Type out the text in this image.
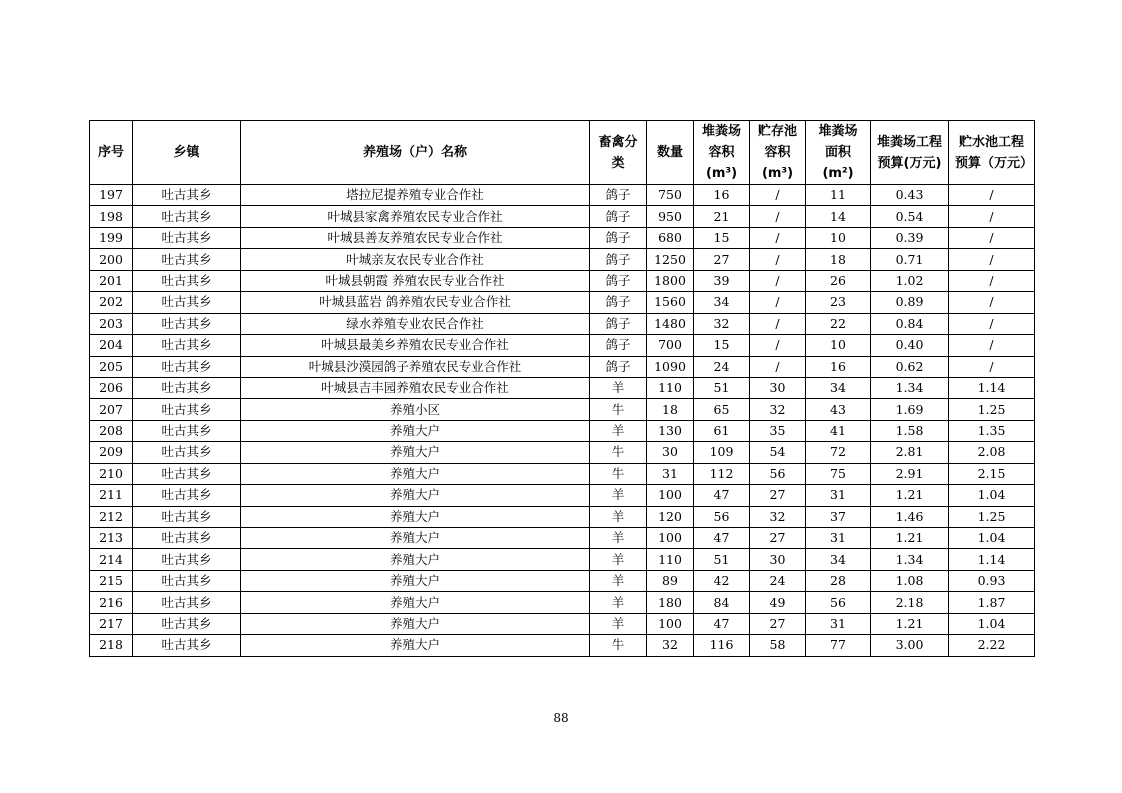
序号	乡镇	养殖场（户）名称	畜禽分类	数量	堆粪场容积(m³)	贮存池容积(m³)	堆粪场面积(m²)	堆粪场工程预算(万元)	贮水池工程预算（万元）
197	吐古其乡	塔拉尼提养殖专业合作社	鸽子	750	16	/	11	0.43	/
198	吐古其乡	叶城县家禽养殖农民专业合作社	鸽子	950	21	/	14	0.54	/
199	吐古其乡	叶城县善友养殖农民专业合作社	鸽子	680	15	/	10	0.39	/
200	吐古其乡	叶城亲友农民专业合作社	鸽子	1250	27	/	18	0.71	/
201	吐古其乡	叶城县朝霞 养殖农民专业合作社	鸽子	1800	39	/	26	1.02	/
202	吐古其乡	叶城县蓝岩 鸽养殖农民专业合作社	鸽子	1560	34	/	23	0.89	/
203	吐古其乡	绿水养殖专业农民合作社	鸽子	1480	32	/	22	0.84	/
204	吐古其乡	叶城县最美乡养殖农民专业合作社	鸽子	700	15	/	10	0.40	/
205	吐古其乡	叶城县沙漠园鸽子养殖农民专业合作社	鸽子	1090	24	/	16	0.62	/
206	吐古其乡	叶城县吉丰园养殖农民专业合作社	羊	110	51	30	34	1.34	1.14
207	吐古其乡	养殖小区	牛	18	65	32	43	1.69	1.25
208	吐古其乡	养殖大户	羊	130	61	35	41	1.58	1.35
209	吐古其乡	养殖大户	牛	30	109	54	72	2.81	2.08
210	吐古其乡	养殖大户	牛	31	112	56	75	2.91	2.15
211	吐古其乡	养殖大户	羊	100	47	27	31	1.21	1.04
212	吐古其乡	养殖大户	羊	120	56	32	37	1.46	1.25
213	吐古其乡	养殖大户	羊	100	47	27	31	1.21	1.04
214	吐古其乡	养殖大户	羊	110	51	30	34	1.34	1.14
215	吐古其乡	养殖大户	羊	89	42	24	28	1.08	0.93
216	吐古其乡	养殖大户	羊	180	84	49	56	2.18	1.87
217	吐古其乡	养殖大户	羊	100	47	27	31	1.21	1.04
218	吐古其乡	养殖大户	牛	32	116	58	77	3.00	2.22
88
